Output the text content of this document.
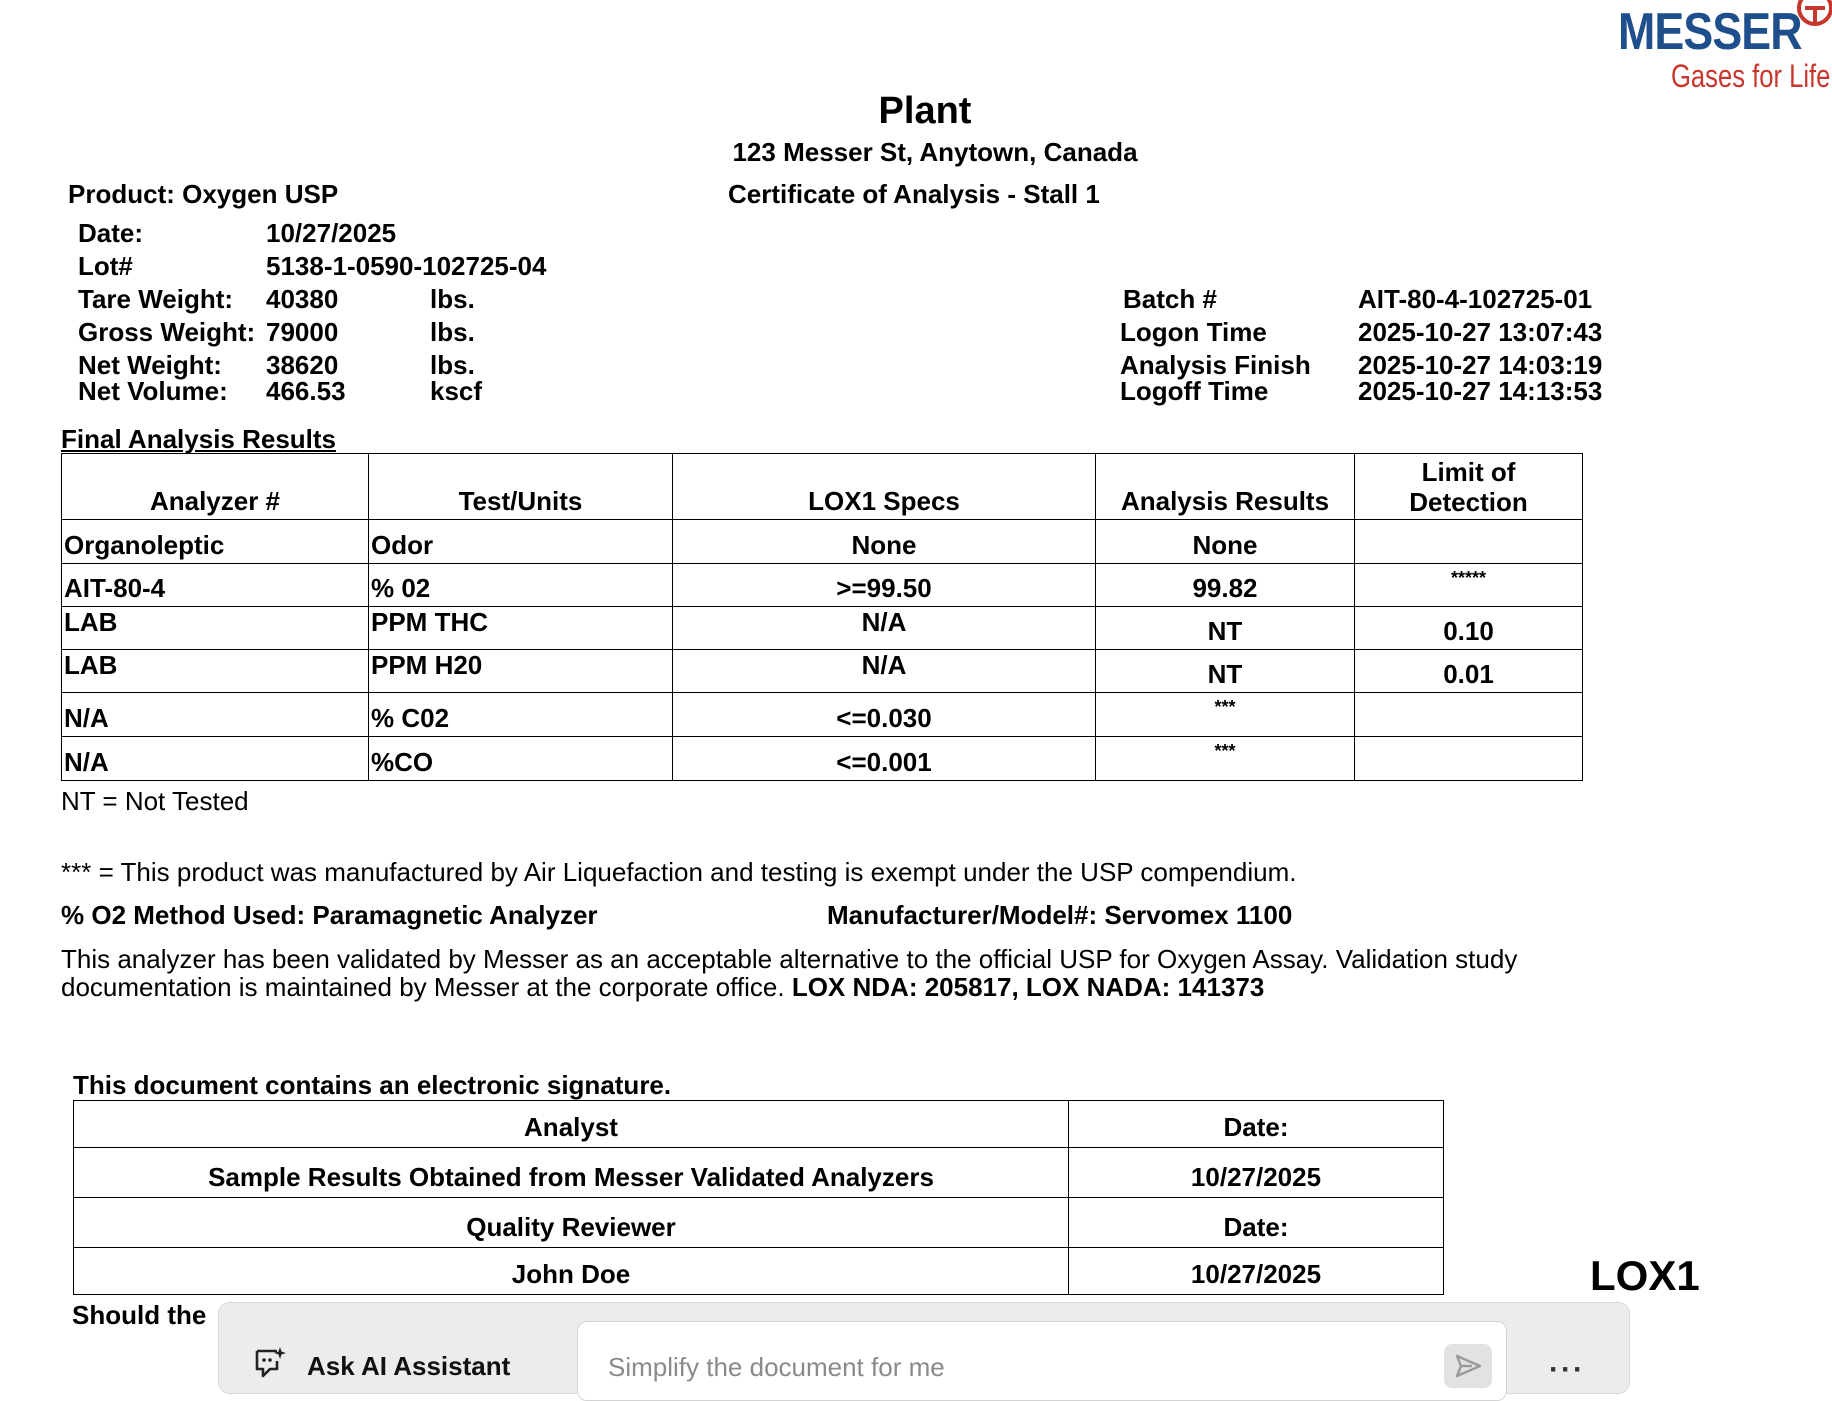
MESSER
Gases for Life
Plant
123 Messer St, Anytown, Canada
Product: Oxygen USP	Certificate of Analysis - Stall 1
Date:	10/27/2025
Lot#	5138-1-0590-102725-04
Tare Weight: 40380	lbs.
Gross Weight: 79000	lbs.
Net Weight: 38620	lbs.
Net Volume: 466.53	kscf
Batch #	AIT-80-4-102725-01
Logon Time	2025-10-27 13:07:43
Analysis Finish 2025-10-27 14:03:19
Logoff Time	2025-10-27 14:13:53
Final Analysis Results
Analyzer #	Test/Units	LOX1 Specs	Analysis Results	Limit of
Detection

Organoleptic	Odor	None	None	
AIT-80-4	% 02	>=99.50	99.82	*****
LAB	PPM THC	N/A	NT	0.10
LAB	PPM H20	N/A	NT	0.01
N/A	% C02	<=0.030	***	
N/A	%CO	<=0.001	***	
NT = Not Tested
*** = This product was manufactured by Air Liquefaction and testing is exempt under the USP compendium.
% O2 Method Used: Paramagnetic Analyzer	Manufacturer/Model#: Servomex 1100
This analyzer has been validated by Messer as an acceptable alternative to the official USP for Oxygen Assay. Validation study
documentation is maintained by Messer at the corporate office. LOX NDA: 205817, LOX NADA: 141373
This document contains an electronic signature.
Analyst	Date:
Sample Results Obtained from Messer Validated Analyzers	10/27/2025
Quality Reviewer	Date:
John Doe	10/27/2025	LOX1
Should the
Ask AI Assistant	Simplify the document for me	···
